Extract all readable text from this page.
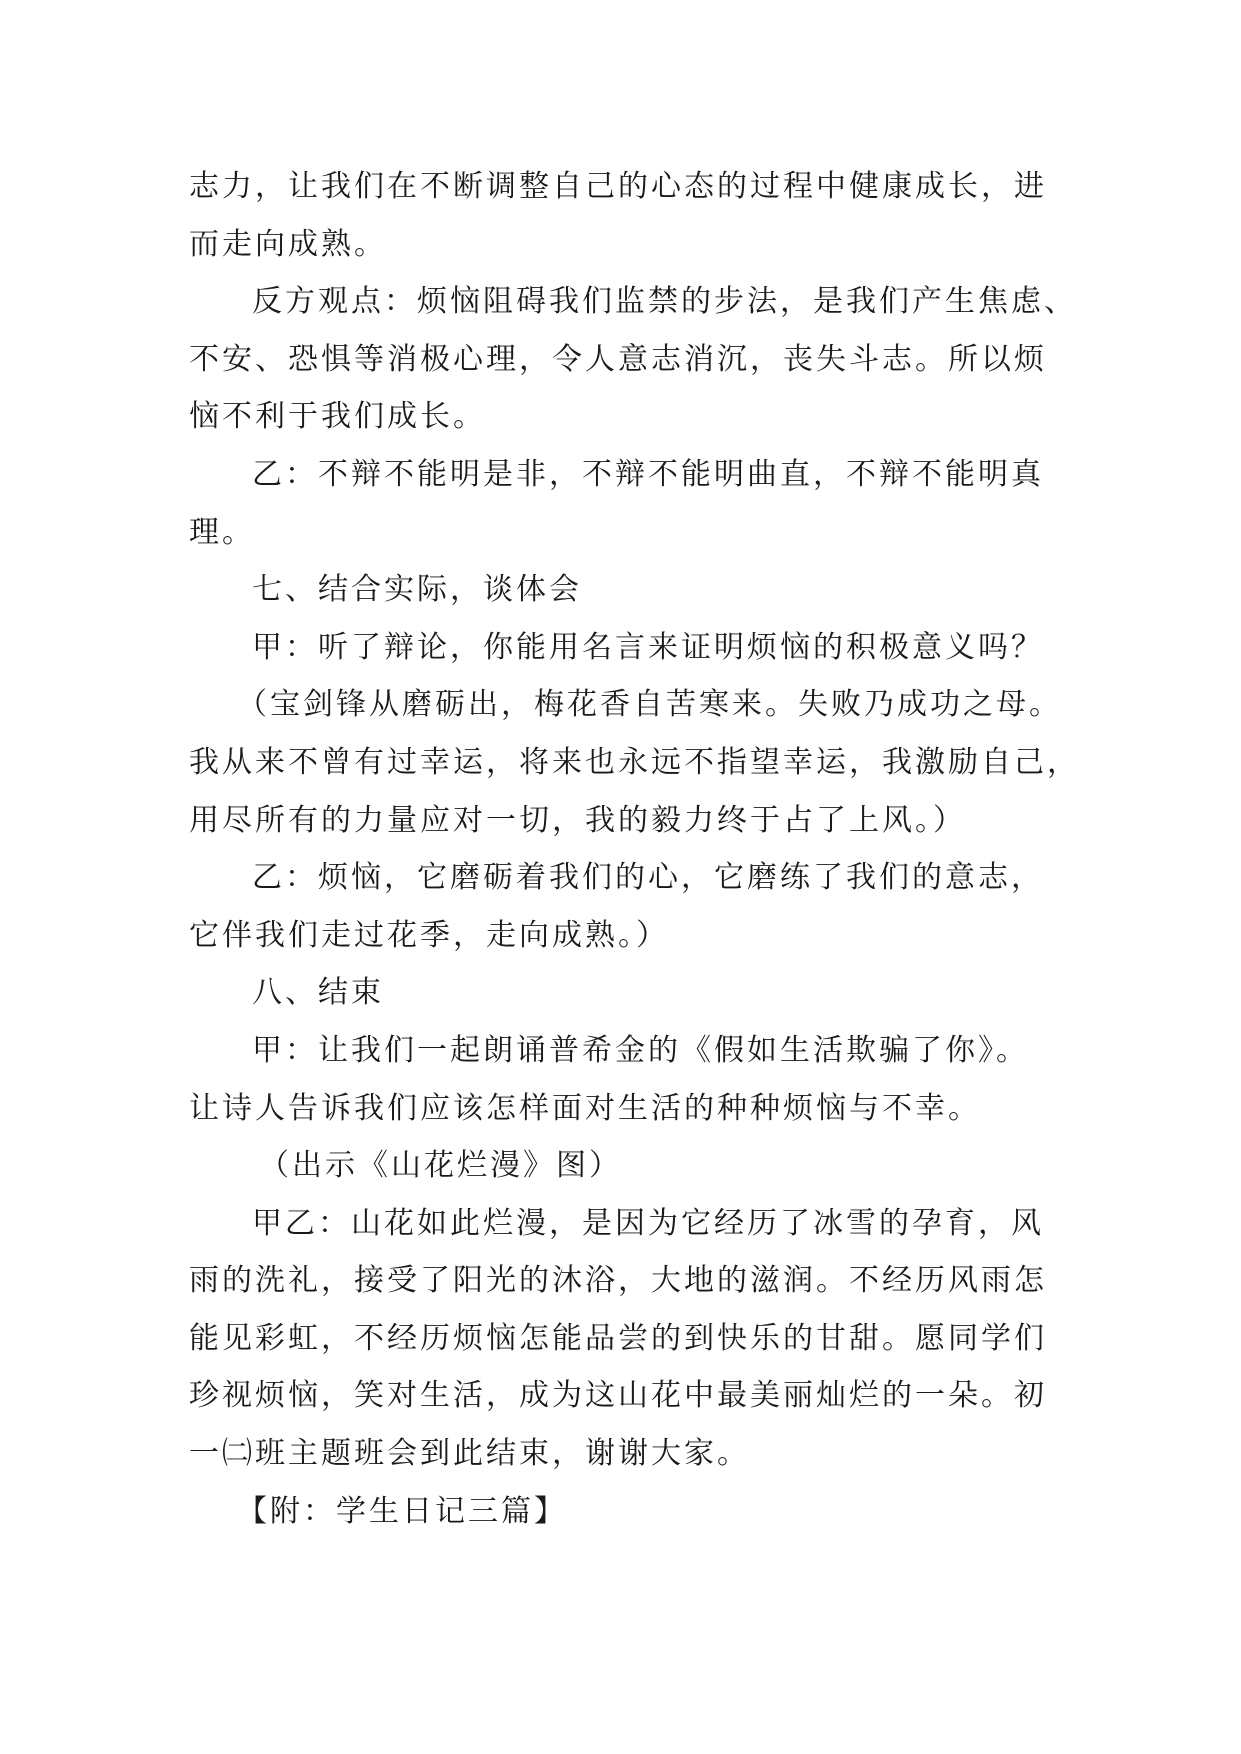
志力，让我们在不断调整自己的心态的过程中健康成长，进
而走向成熟。
反方观点：烦恼阻碍我们监禁的步法，是我们产生焦虑、
不安、恐惧等消极心理，令人意志消沉，丧失斗志。所以烦
恼不利于我们成长。
乙：不辩不能明是非，不辩不能明曲直，不辩不能明真
理。
七、结合实际，谈体会
甲：听了辩论，你能用名言来证明烦恼的积极意义吗？
（宝剑锋从磨砺出，梅花香自苦寒来。失败乃成功之母。
我从来不曾有过幸运，将来也永远不指望幸运，我激励自己，
用尽所有的力量应对一切，我的毅力终于占了上风。）
乙：烦恼，它磨砺着我们的心，它磨练了我们的意志，
它伴我们走过花季，走向成熟。）
八、结束
甲：让我们一起朗诵普希金的《假如生活欺骗了你》。
让诗人告诉我们应该怎样面对生活的种种烦恼与不幸。
（出示《山花烂漫》图）
甲乙：山花如此烂漫，是因为它经历了冰雪的孕育，风
雨的洗礼，接受了阳光的沐浴，大地的滋润。不经历风雨怎
能见彩虹，不经历烦恼怎能品尝的到快乐的甘甜。愿同学们
珍视烦恼，笑对生活，成为这山花中最美丽灿烂的一朵。初
一㈡班主题班会到此结束，谢谢大家。
【附：学生日记三篇】
